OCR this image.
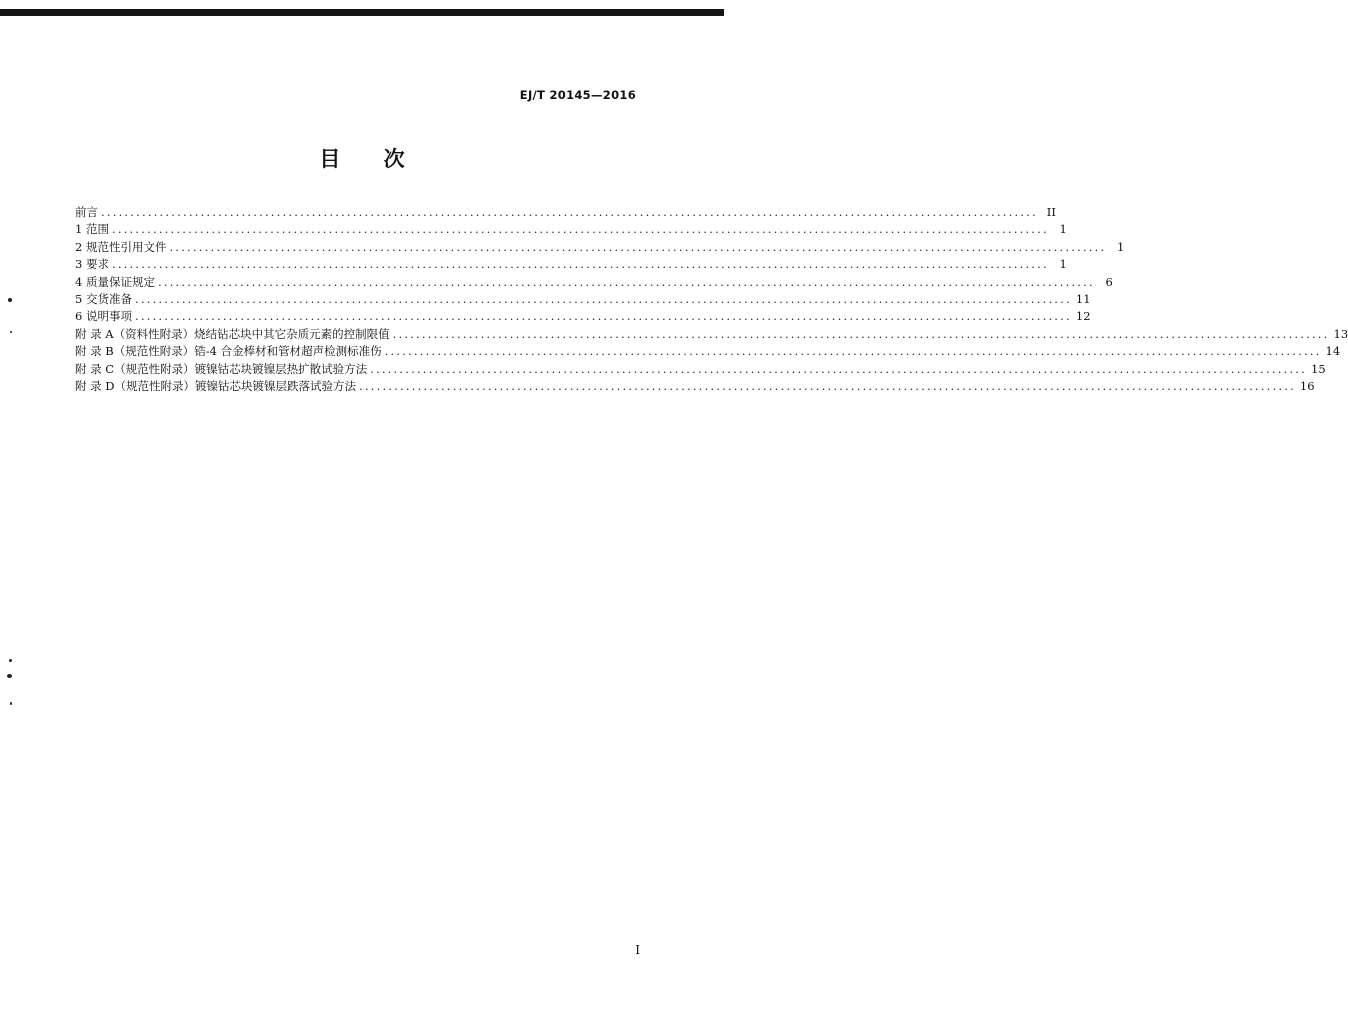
EJ/T 20145—2016
目 次
前言 ................................................................................................................................................................ II
1 范围 ................................................................................................................................................................ 1
2 规范性引用文件 ................................................................................................................................................................ 1
3 要求 ................................................................................................................................................................ 1
4 质量保证规定 ................................................................................................................................................................ 6
5 交货准备 ................................................................................................................................................................ 11
6 说明事项 ................................................................................................................................................................ 12
附 录 A（资料性附录）烧结钻芯块中其它杂质元素的控制限值 ................................................................................................................................................................ 13
附 录 B（规范性附录）锆-4 合金棒材和管材超声检测标准伤 ................................................................................................................................................................ 14
附 录 C（规范性附录）镀镍钴芯块镀镍层热扩散试验方法 ................................................................................................................................................................ 15
附 录 D（规范性附录）镀镍钴芯块镀镍层跌落试验方法 ................................................................................................................................................................ 16
I
